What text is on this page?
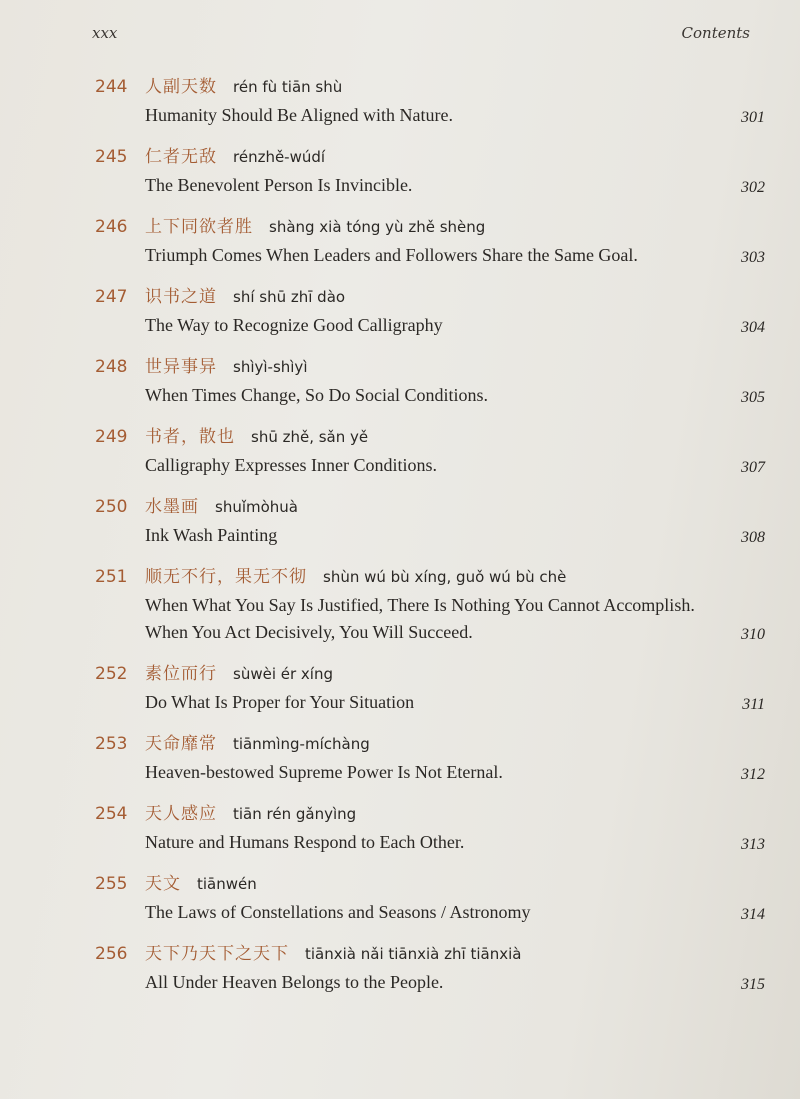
xxx	Contents
244	人副天数 rén fù tiān shù
Humanity Should Be Aligned with Nature.	301
245	仁者无敌 rénzhě-wúdí
The Benevolent Person Is Invincible.	302
246	上下同欲者胜 shàng xià tóng yù zhě shèng
Triumph Comes When Leaders and Followers Share the Same Goal.	303
247	识书之道 shí shū zhī dào
The Way to Recognize Good Calligraphy	304
248	世异事异 shìyì-shìyì
When Times Change, So Do Social Conditions.	305
249	书者，散也 shū zhě, sǎn yě
Calligraphy Expresses Inner Conditions.	307
250	水墨画 shuǐmòhuà
Ink Wash Painting	308
251	顺无不行，果无不彻 shùn wú bù xíng, guǒ wú bù chè
When What You Say Is Justified, There Is Nothing You Cannot Accomplish. When You Act Decisively, You Will Succeed.	310
252	素位而行 sùwèi ér xíng
Do What Is Proper for Your Situation	311
253	天命靡常 tiānmìng-míchàng
Heaven-bestowed Supreme Power Is Not Eternal.	312
254	天人感应 tiān rén gǎnyìng
Nature and Humans Respond to Each Other.	313
255	天文 tiānwén
The Laws of Constellations and Seasons / Astronomy	314
256	天下乃天下之天下 tiānxià nǎi tiānxià zhī tiānxià
All Under Heaven Belongs to the People.	315
